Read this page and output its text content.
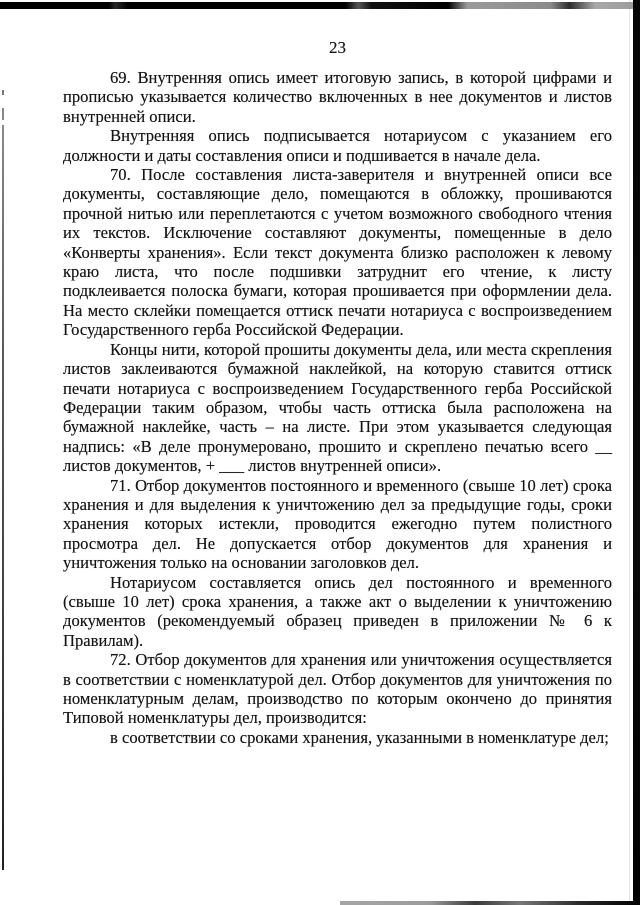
23

69. Внутренняя опись имеет итоговую запись, в которой цифрами и прописью указывается количество включенных в нее документов и листов внутренней описи.

Внутренняя опись подписывается нотариусом с указанием его должности и даты составления описи и подшивается в начале дела.

70. После составления листа-заверителя и внутренней описи все документы, составляющие дело, помещаются в обложку, прошиваются прочной нитью или переплетаются с учетом возможного свободного чтения их текстов. Исключение составляют документы, помещенные в дело «Конверты хранения». Если текст документа близко расположен к левому краю листа, что после подшивки затруднит его чтение, к листу подклеивается полоска бумаги, которая прошивается при оформлении дела. На место склейки помещается оттиск печати нотариуса с воспроизведением Государственного герба Российской Федерации.

Концы нити, которой прошиты документы дела, или места скрепления листов заклеиваются бумажной наклейкой, на которую ставится оттиск печати нотариуса с воспроизведением Государственного герба Российской Федерации таким образом, чтобы часть оттиска была расположена на бумажной наклейке, часть – на листе. При этом указывается следующая надпись: «В деле пронумеровано, прошито и скреплено печатью всего __ листов документов, + ___ листов внутренней описи».

71. Отбор документов постоянного и временного (свыше 10 лет) срока хранения и для выделения к уничтожению дел за предыдущие годы, сроки хранения которых истекли, проводится ежегодно путем полистного просмотра дел. Не допускается отбор документов для хранения и уничтожения только на основании заголовков дел.

Нотариусом составляется опись дел постоянного и временного (свыше 10 лет) срока хранения, а также акт о выделении к уничтожению документов (рекомендуемый образец приведен в приложении № 6 к Правилам).

72. Отбор документов для хранения или уничтожения осуществляется в соответствии с номенклатурой дел. Отбор документов для уничтожения по номенклатурным делам, производство по которым окончено до принятия Типовой номенклатуры дел, производится:

в соответствии со сроками хранения, указанными в номенклатуре дел;
